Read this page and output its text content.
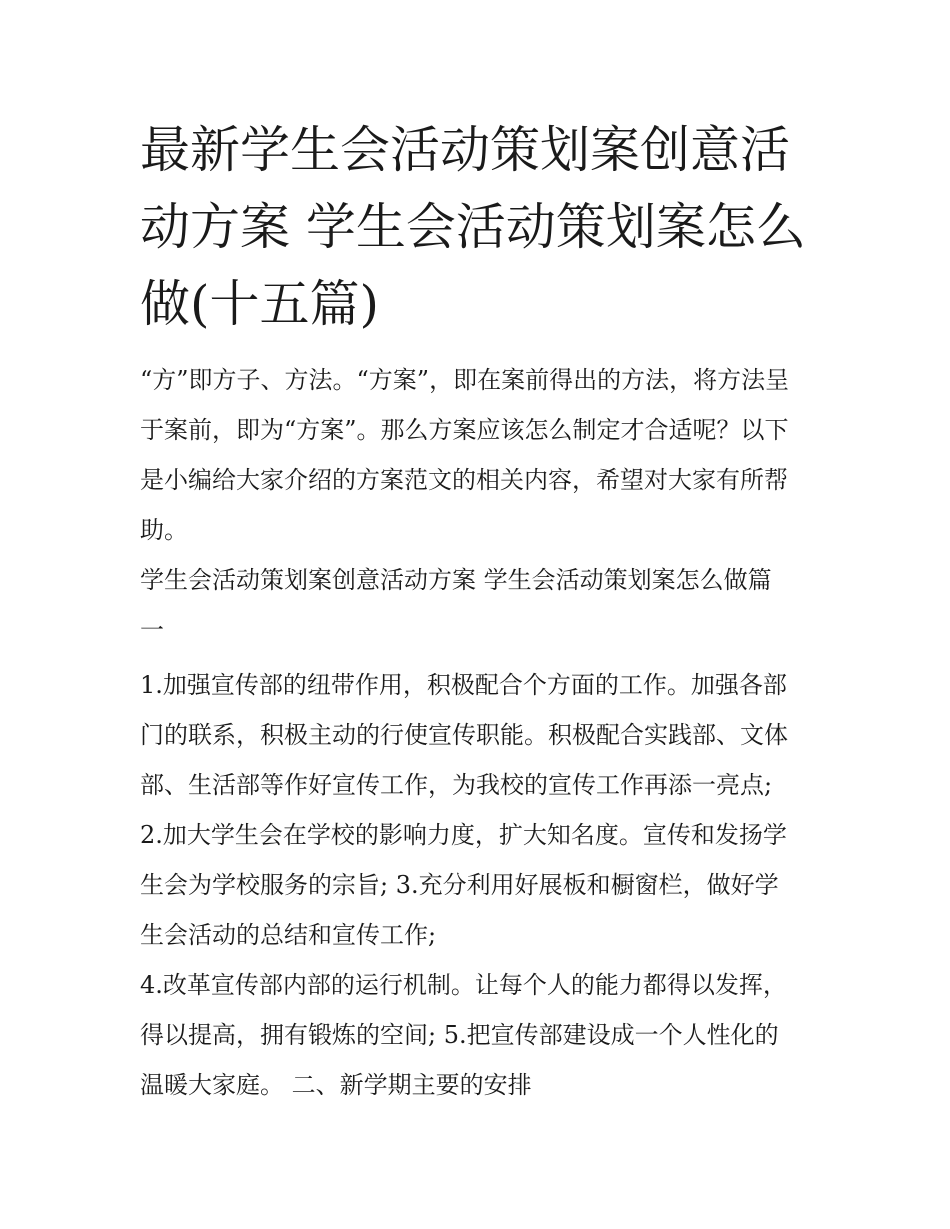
最新学生会活动策划案创意活
动方案 学生会活动策划案怎么
做(十五篇)
“方”即方子、方法。“方案”，即在案前得出的方法，将方法呈
于案前，即为“方案”。那么方案应该怎么制定才合适呢？以下
是小编给大家介绍的方案范文的相关内容，希望对大家有所帮
助。
学生会活动策划案创意活动方案 学生会活动策划案怎么做篇
一
1.加强宣传部的纽带作用，积极配合个方面的工作。加强各部
门的联系，积极主动的行使宣传职能。积极配合实践部、文体
部、生活部等作好宣传工作，为我校的宣传工作再添一亮点;
2.加大学生会在学校的影响力度，扩大知名度。宣传和发扬学
生会为学校服务的宗旨; 3.充分利用好展板和橱窗栏，做好学
生会活动的总结和宣传工作;
4.改革宣传部内部的运行机制。让每个人的能力都得以发挥，
得以提高，拥有锻炼的空间; 5.把宣传部建设成一个人性化的
温暖大家庭。 二、新学期主要的安排
